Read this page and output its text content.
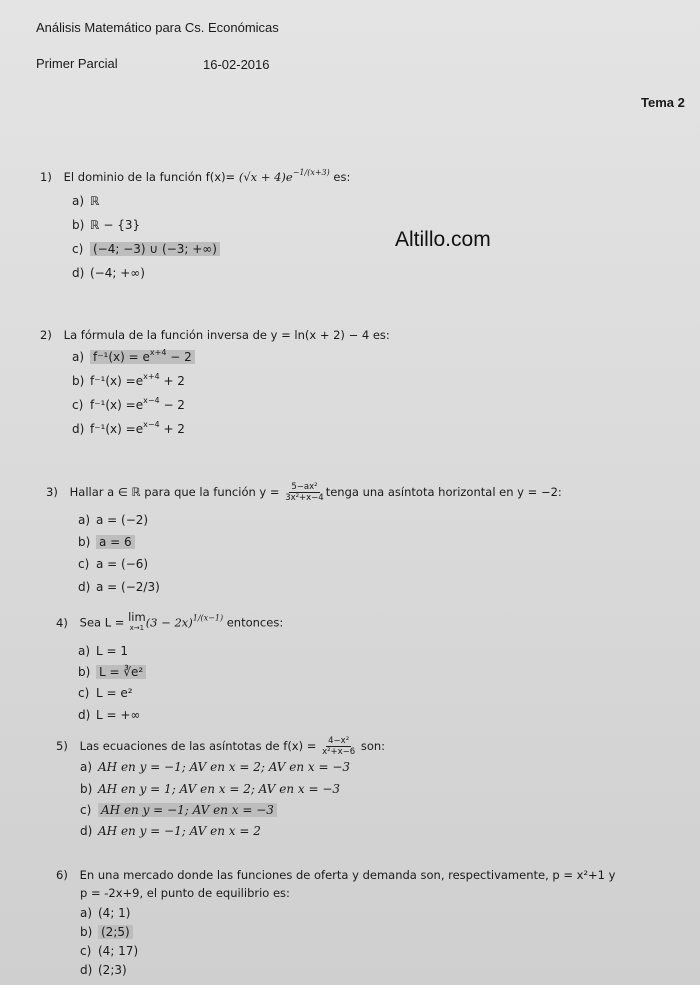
Análisis Matemático para Cs. Económicas
Primer Parcial	16-02-2016
Tema 2
Altillo.com
1) El dominio de la función $f(x)= (√x + 4)e^{-1/(x+3)}$ es:
a) ℝ
b) ℝ − {3}
c) (−4; −3) ∪ (−3; +∞)
d) (−4; +∞)
2) La fórmula de la función inversa de y = ln(x + 2) − 4 es:
a) $f^{-1}(x) = e^{x+4} - 2$
b) $f^{-1}(x) =e^{x+4} + 2$
c) $f^{-1}(x) =e^{x-4} - 2$
d) $f^{-1}(x) =e^{x-4} + 2$
3) Hallar a ∈ ℝ para que la función $y = \frac{\text{5−ax²}}{\text{3x²+x−4}}$ tenga una asíntota horizontal en y = −2:
a) a = (−2)
b) a = 6
c) a = (−6)
d) a = (−2/3)
4) Sea L = lim
x→1 $(3 - 2x)^{1/(x-1)}$ entonces:
a) L = 1
b) L = ∛e²
c) L = e²
d) L = +∞
5) Las ecuaciones de las asíntotas de $f(x) = \frac{\text{4−x²}}{\text{x²+x−6}}$ son:
a) AH en y = −1; AV en x = 2; AV en x = −3
b) AH en y = 1; AV en x = 2; AV en x = −3
c) AH en y = −1; AV en x = −3
d) AH en y = −1; AV en x = 2
6) En una mercado donde las funciones de oferta y demanda son, respectivamente, p = x²+1 y
p = -2x+9, el punto de equilibrio es:
a) (4; 1)
b) (2;5)
c) (4; 17)
d) (2;3)
